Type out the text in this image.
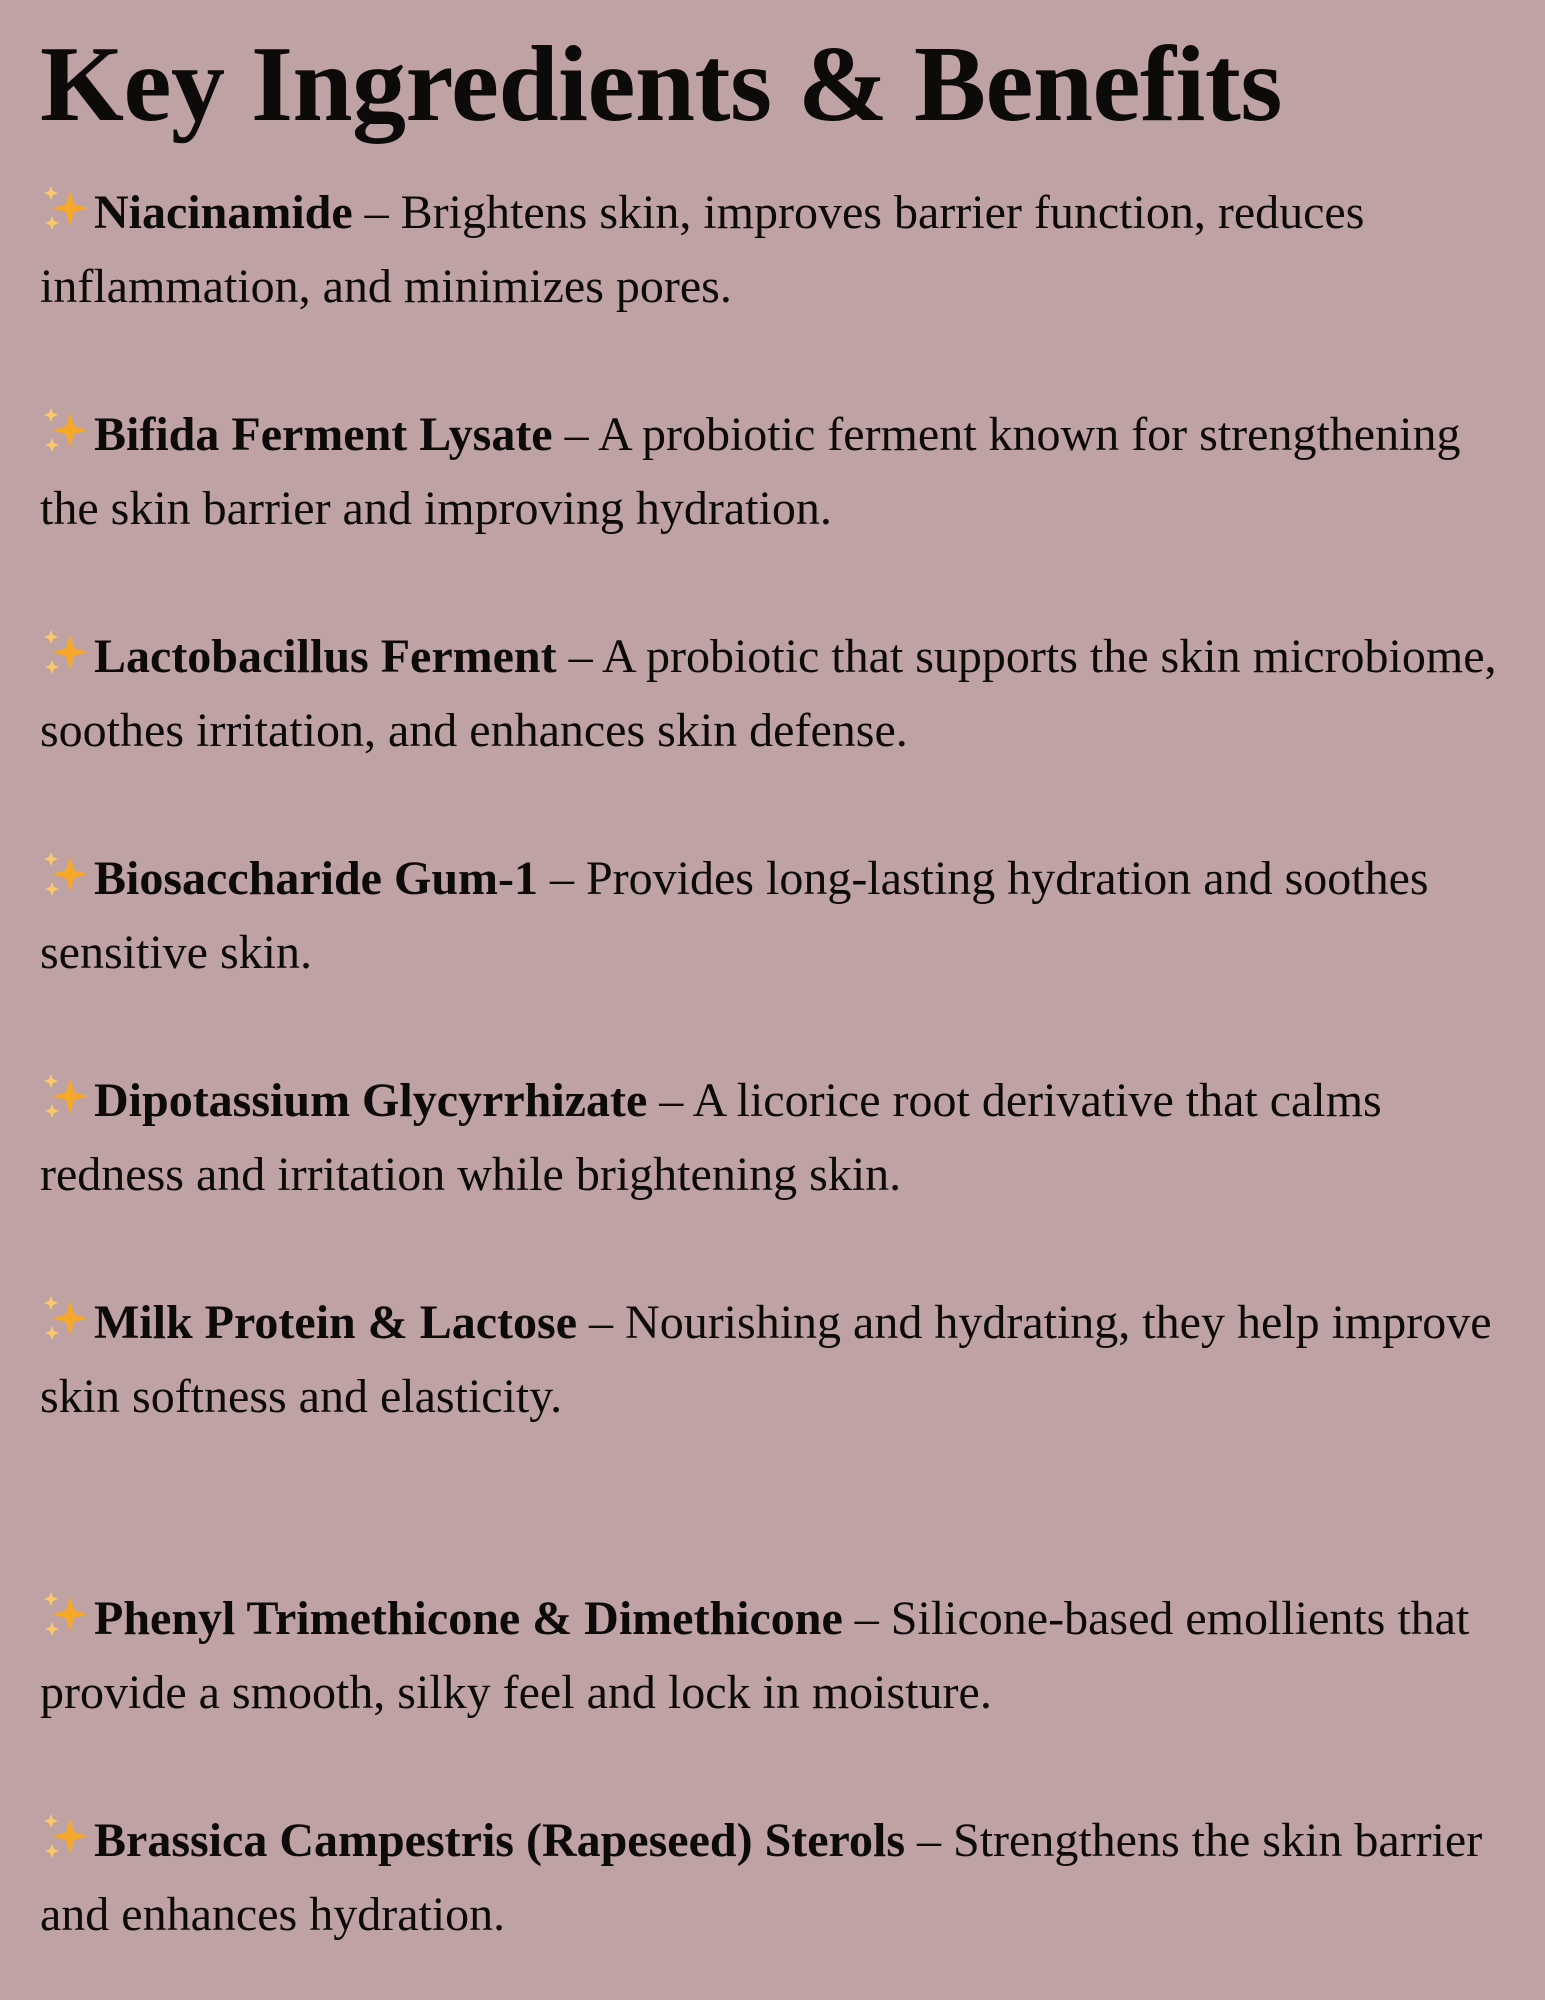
Key Ingredients & Benefits

Niacinamide – Brightens skin, improves barrier function, reduces inflammation, and minimizes pores.

Bifida Ferment Lysate – A probiotic ferment known for strengthening the skin barrier and improving hydration.

Lactobacillus Ferment – A probiotic that supports the skin microbiome, soothes irritation, and enhances skin defense.

Biosaccharide Gum-1 – Provides long-lasting hydration and soothes sensitive skin.

Dipotassium Glycyrrhizate – A licorice root derivative that calms redness and irritation while brightening skin.

Milk Protein & Lactose – Nourishing and hydrating, they help improve skin softness and elasticity.

Phenyl Trimethicone & Dimethicone – Silicone-based emollients that provide a smooth, silky feel and lock in moisture.

Brassica Campestris (Rapeseed) Sterols – Strengthens the skin barrier and enhances hydration.
